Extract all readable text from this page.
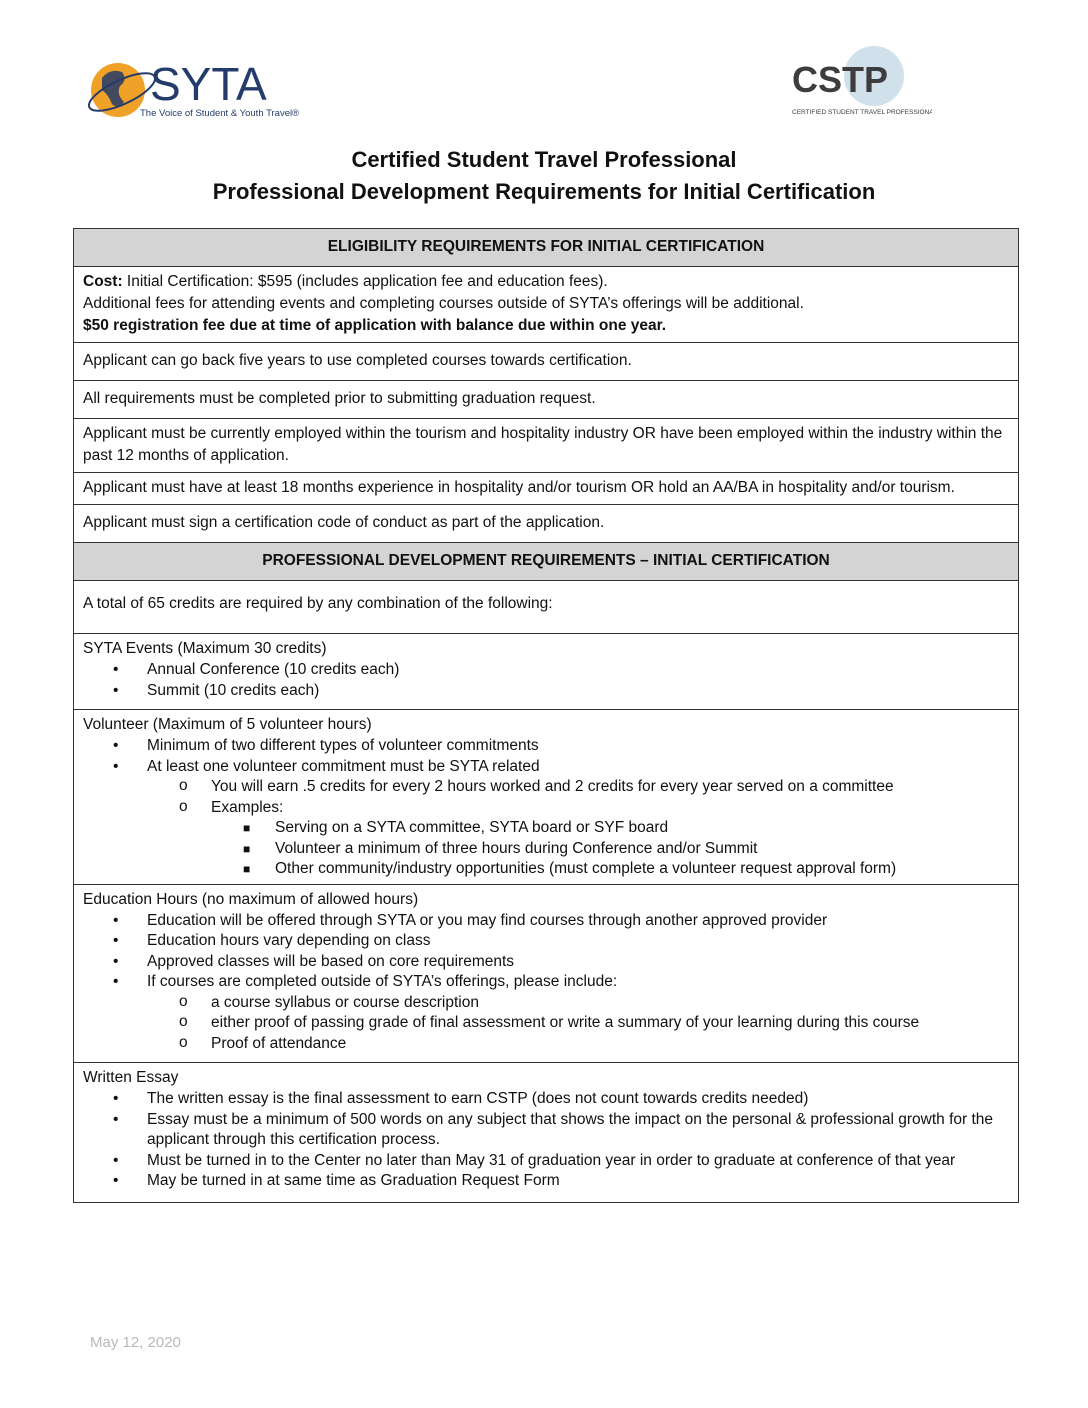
SYTA
The Voice of Student & Youth Travel®
CSTP
CERTIFIED STUDENT TRAVEL PROFESSIONAL
Certified Student Travel Professional
Professional Development Requirements for Initial Certification
ELIGIBILITY REQUIREMENTS FOR INITIAL CERTIFICATION

Cost: Initial Certification: $595 (includes application fee and education fees).
Additional fees for attending events and completing courses outside of SYTA’s offerings will be additional.
$50 registration fee due at time of application with balance due within one year.

Applicant can go back five years to use completed courses towards certification.
All requirements must be completed prior to submitting graduation request.
Applicant must be currently employed within the tourism and hospitality industry OR have been employed within the industry within the past 12 months of application.
Applicant must have at least 18 months experience in hospitality and/or tourism OR hold an AA/BA in hospitality and/or tourism.
Applicant must sign a certification code of conduct as part of the application.
PROFESSIONAL DEVELOPMENT REQUIREMENTS – INITIAL CERTIFICATION
A total of 65 credits are required by any combination of the following:

SYTA Events (Maximum 30 credits)
• Annual Conference (10 credits each)
• Summit (10 credits each)

Volunteer (Maximum of 5 volunteer hours)
• Minimum of two different types of volunteer commitments
• At least one volunteer commitment must be SYTA related
o You will earn .5 credits for every 2 hours worked and 2 credits for every year served on a committee
o Examples:
■ Serving on a SYTA committee, SYTA board or SYF board
■ Volunteer a minimum of three hours during Conference and/or Summit
■ Other community/industry opportunities (must complete a volunteer request approval form)

Education Hours (no maximum of allowed hours)
• Education will be offered through SYTA or you may find courses through another approved provider
• Education hours vary depending on class
• Approved classes will be based on core requirements
• If courses are completed outside of SYTA’s offerings, please include:
o a course syllabus or course description
o either proof of passing grade of final assessment or write a summary of your learning during this course
o Proof of attendance

Written Essay
• The written essay is the final assessment to earn CSTP (does not count towards credits needed)
• Essay must be a minimum of 500 words on any subject that shows the impact on the personal & professional growth for the applicant through this certification process.
• Must be turned in to the Center no later than May 31 of graduation year in order to graduate at conference of that year
• May be turned in at same time as Graduation Request Form
May 12, 2020
